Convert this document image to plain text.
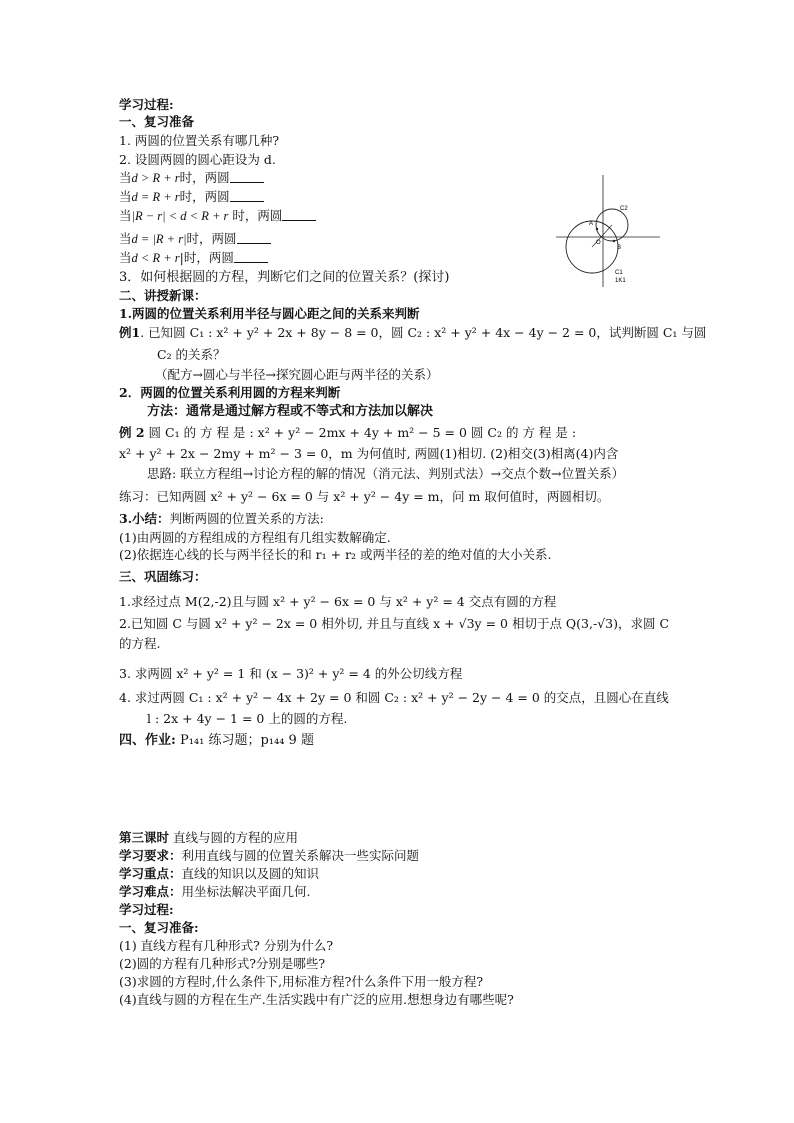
学习过程:
一、复习准备
1. 两圆的位置关系有哪几种?
2. 设圆两圆的圆心距设为 d.
当d > R + r时，两圆
当d = R + r时，两圆
当|R − r| < d < R + r 时，两圆
当d = |R + r|时，两圆
当d < R + r|时，两圆
3．如何根据圆的方程，判断它们之间的位置关系？(探讨)
C2
A
O
B
C1
1K1
二、讲授新课：
1.两圆的位置关系利用半径与圆心距之间的关系来判断
例1. 已知圆 C₁ : x² + y² + 2x + 8y − 8 = 0，圆 C₂ : x² + y² + 4x − 4y − 2 = 0，试判断圆 C₁ 与圆
C₂ 的关系？
（配方→圆心与半径→探究圆心距与两半径的关系）
2．两圆的位置关系利用圆的方程来判断
方法：通常是通过解方程或不等式和方法加以解决
例 2 圆 C₁ 的 方 程 是 : x² + y² − 2mx + 4y + m² − 5 = 0 圆 C₂ 的 方 程 是 :
x² + y² + 2x − 2my + m² − 3 = 0，m 为何值时, 两圆(1)相切. (2)相交(3)相离(4)内含
思路: 联立方程组→讨论方程的解的情况（消元法、判别式法）→交点个数→位置关系）
练习：已知两圆 x² + y² − 6x = 0 与 x² + y² − 4y = m，问 m 取何值时，两圆相切。
3.小结：判断两圆的位置关系的方法:
(1)由两圆的方程组成的方程组有几组实数解确定.
(2)依据连心线的长与两半径长的和 r₁ + r₂ 或两半径的差的绝对值的大小关系.
三、巩固练习：
1.求经过点 M(2,-2)且与圆 x² + y² − 6x = 0 与 x² + y² = 4 交点有圆的方程
2.已知圆 C 与圆 x² + y² − 2x = 0 相外切, 并且与直线 x + √3y = 0 相切于点 Q(3,-√3)，求圆 C
的方程.
3. 求两圆 x² + y² = 1 和 (x − 3)² + y² = 4 的外公切线方程
4. 求过两圆 C₁ : x² + y² − 4x + 2y = 0 和圆 C₂ : x² + y² − 2y − 4 = 0 的交点，且圆心在直线
l : 2x + 4y − 1 = 0 上的圆的方程.
四、作业: P₁₄₁ 练习题；p₁₄₄ 9 题
第三课时 直线与圆的方程的应用
学习要求：利用直线与圆的位置关系解决一些实际问题
学习重点：直线的知识以及圆的知识
学习难点：用坐标法解决平面几何.
学习过程:
一、复习准备:
(1) 直线方程有几种形式? 分别为什么?
(2)圆的方程有几种形式?分别是哪些?
(3)求圆的方程时,什么条件下,用标准方程?什么条件下用一般方程?
(4)直线与圆的方程在生产.生活实践中有广泛的应用.想想身边有哪些呢?
